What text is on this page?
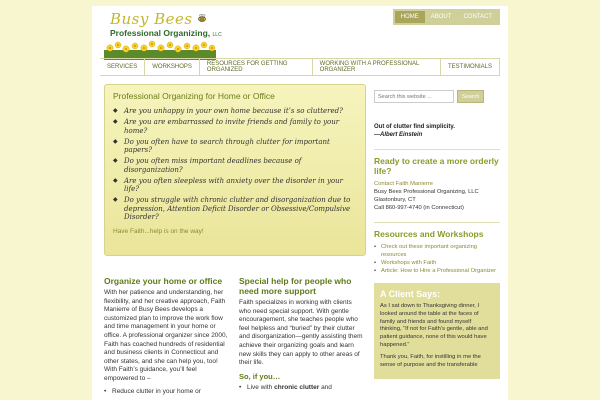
Busy Bees
Professional Organizing, LLC
HOME	ABOUT	CONTACT
SERVICES	WORKSHOPS	RESOURCES FOR GETTING ORGANIZED
WORKING WITH A PROFESSIONAL ORGANIZER	TESTIMONIALS
Professional Organizing for Home or Office
◆ Are you unhappy in your own home because it’s so cluttered?
◆ Are you are embarrassed to invite friends and family to your home?
◆ Do you often have to search through clutter for important papers?
◆ Do you often miss important deadlines because of disorganization?
◆ Are you often sleepless with anxiety over the disorder in your life?
◆ Do you struggle with chronic clutter and disorganization due to depression, Attention Deficit Disorder or Obsessive/Compulsive Disorder?
Have Faith...help is on the way!
Organize your home or office

With her patience and understanding, her flexibility, and her creative approach, Faith Manierre of Busy Bees develops a customized plan to improve the work flow and time management in your home or office. A professional organizer since 2000, Faith has coached hundreds of residential and business clients in Connecticut and other states, and she can help you, too! With Faith’s guidance, you’ll feel empowered to –

• Reduce clutter in your home or
Special help for people who need more support

Faith specializes in working with clients who need special support. With gentle encouragement, she teaches people who feel helpless and “buried” by their clutter and disorganization—gently assisting them achieve their organizing goals and learn new skills they can apply to other areas of their life.

So, if you…
• Live with chronic clutter and
Search this website ...
Search
Out of clutter find simplicity.
—Albert Einstein
Ready to create a more orderly life?

Contact Faith Manierre

Busy Bees Professional Organizing, LLC

Glastonbury, CT

Call 860-997-4740 (in Connecticut)

Resources and Workshops
• Check out these important organizing resources
• Workshops with Faith
• Article: How to Hire a Professional Organizer
A Client Says:

As I sat down to Thanksgiving dinner, I looked around the table at the faces of family and friends and found myself thinking, “If not for Faith’s gentle, able and patient guidance, none of this would have happened.”

Thank you, Faith, for instilling in me the sense of purpose and the transferable
